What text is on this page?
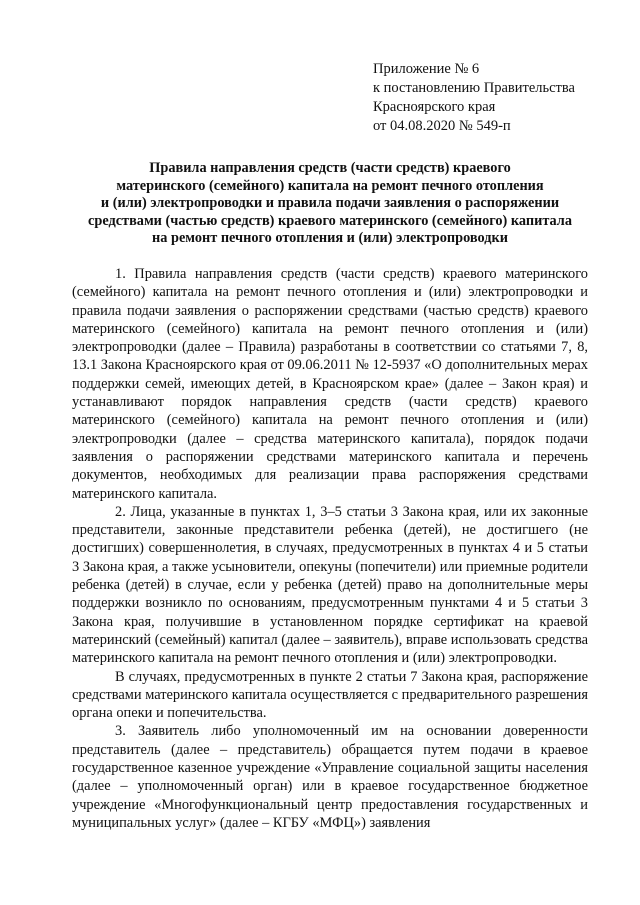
Приложение № 6
к постановлению Правительства
Красноярского края
от 04.08.2020 № 549-п
Правила направления средств (части средств) краевого
материнского (семейного) капитала на ремонт печного отопления
и (или) электропроводки и правила подачи заявления о распоряжении
средствами (частью средств) краевого материнского (семейного) капитала
на ремонт печного отопления и (или) электропроводки

1. Правила направления средств (части средств) краевого материнского (семейного) капитала на ремонт печного отопления и (или) электропроводки и правила подачи заявления о распоряжении средствами (частью средств) краевого материнского (семейного) капитала на ремонт печного отопления и (или) электропроводки (далее – Правила) разработаны в соответствии со статьями 7, 8, 13.1 Закона Красноярского края от 09.06.2011 № 12-5937 «О дополнительных мерах поддержки семей, имеющих детей, в Красноярском крае» (далее – Закон края) и устанавливают порядок направления средств (части средств) краевого материнского (семейного) капитала на ремонт печного отопления и (или) электропроводки (далее – средства материнского капитала), порядок подачи заявления о распоряжении средствами материнского капитала и перечень документов, необходимых для реализации права распоряжения средствами материнского капитала.

2. Лица, указанные в пунктах 1, 3–5 статьи 3 Закона края, или их законные представители, законные представители ребенка (детей), не достигшего (не достигших) совершеннолетия, в случаях, предусмотренных в пунктах 4 и 5 статьи 3 Закона края, а также усыновители, опекуны (попечители) или приемные родители ребенка (детей) в случае, если у ребенка (детей) право на дополнительные меры поддержки возникло по основаниям, предусмотренным пунктами 4 и 5 статьи 3 Закона края, получившие в установленном порядке сертификат на краевой материнский (семейный) капитал (далее – заявитель), вправе использовать средства материнского капитала на ремонт печного отопления и (или) электропроводки.

В случаях, предусмотренных в пункте 2 статьи 7 Закона края, распоряжение средствами материнского капитала осуществляется с предварительного разрешения органа опеки и попечительства.

3. Заявитель либо уполномоченный им на основании доверенности представитель (далее – представитель) обращается путем подачи в краевое государственное казенное учреждение «Управление социальной защиты населения (далее – уполномоченный орган) или в краевое государственное бюджетное учреждение «Многофункциональный центр предоставления государственных и муниципальных услуг» (далее – КГБУ «МФЦ») заявления
